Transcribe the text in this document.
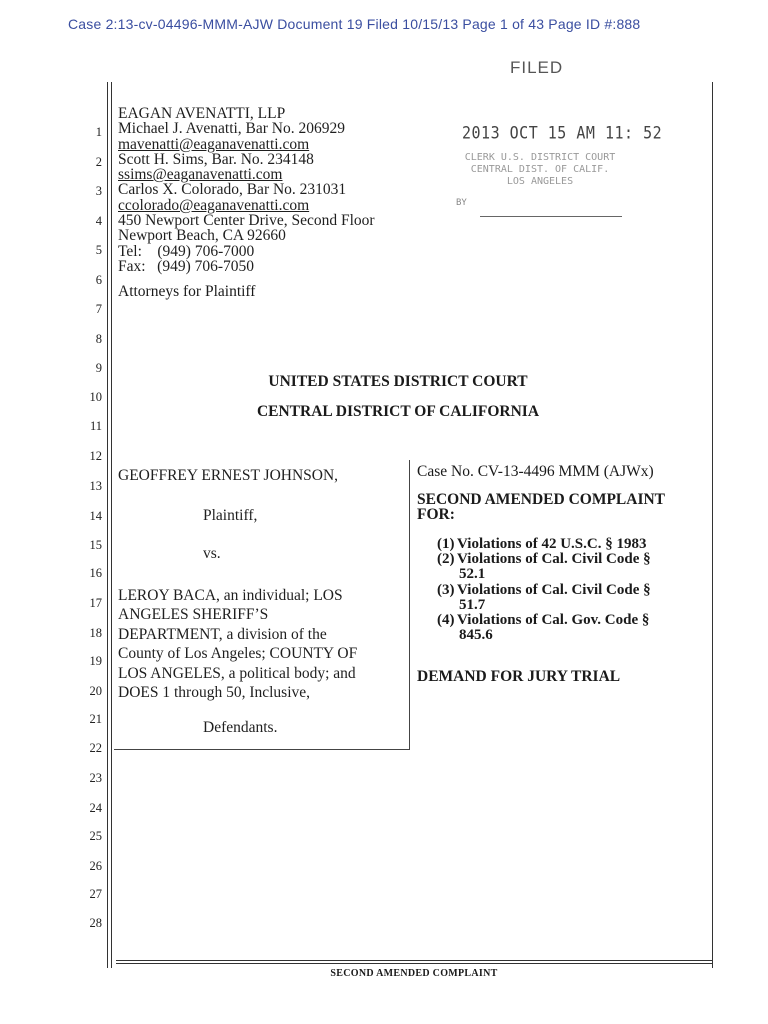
Case 2:13-cv-04496-MMM-AJW Document 19 Filed 10/15/13 Page 1 of 43 Page ID #:888
FILED
2013 OCT 15 AM 11: 52
CLERK U.S. DISTRICT COURT
CENTRAL DIST. OF CALIF.
LOS ANGELES
BY
1
2
3
4
5
6
7
8
9
10
11
12
13
14
15
16
17
18
19
20
21
22
23
24
25
26
27
28
EAGAN AVENATTI, LLP
Michael J. Avenatti, Bar No. 206929
mavenatti@eaganavenatti.com
Scott H. Sims, Bar. No. 234148
ssims@eaganavenatti.com
Carlos X. Colorado, Bar No. 231031
ccolorado@eaganavenatti.com
450 Newport Center Drive, Second Floor
Newport Beach, CA 92660
Tel:    (949) 706-7000
Fax:   (949) 706-7050
Attorneys for Plaintiff
UNITED STATES DISTRICT COURT
CENTRAL DISTRICT OF CALIFORNIA
GEOFFREY ERNEST JOHNSON,
Plaintiff,
vs.
LEROY BACA, an individual; LOS
ANGELES SHERIFF’S
DEPARTMENT, a division of the
County of Los Angeles; COUNTY OF
LOS ANGELES, a political body; and
DOES 1 through 50, Inclusive,
Defendants.
Case No. CV-13-4496 MMM (AJWx)
SECOND AMENDED COMPLAINT
FOR:
(1) Violations of 42 U.S.C. § 1983
(2) Violations of Cal. Civil Code §
52.1
(3) Violations of Cal. Civil Code §
51.7
(4) Violations of Cal. Gov. Code §
845.6
DEMAND FOR JURY TRIAL
SECOND AMENDED COMPLAINT
